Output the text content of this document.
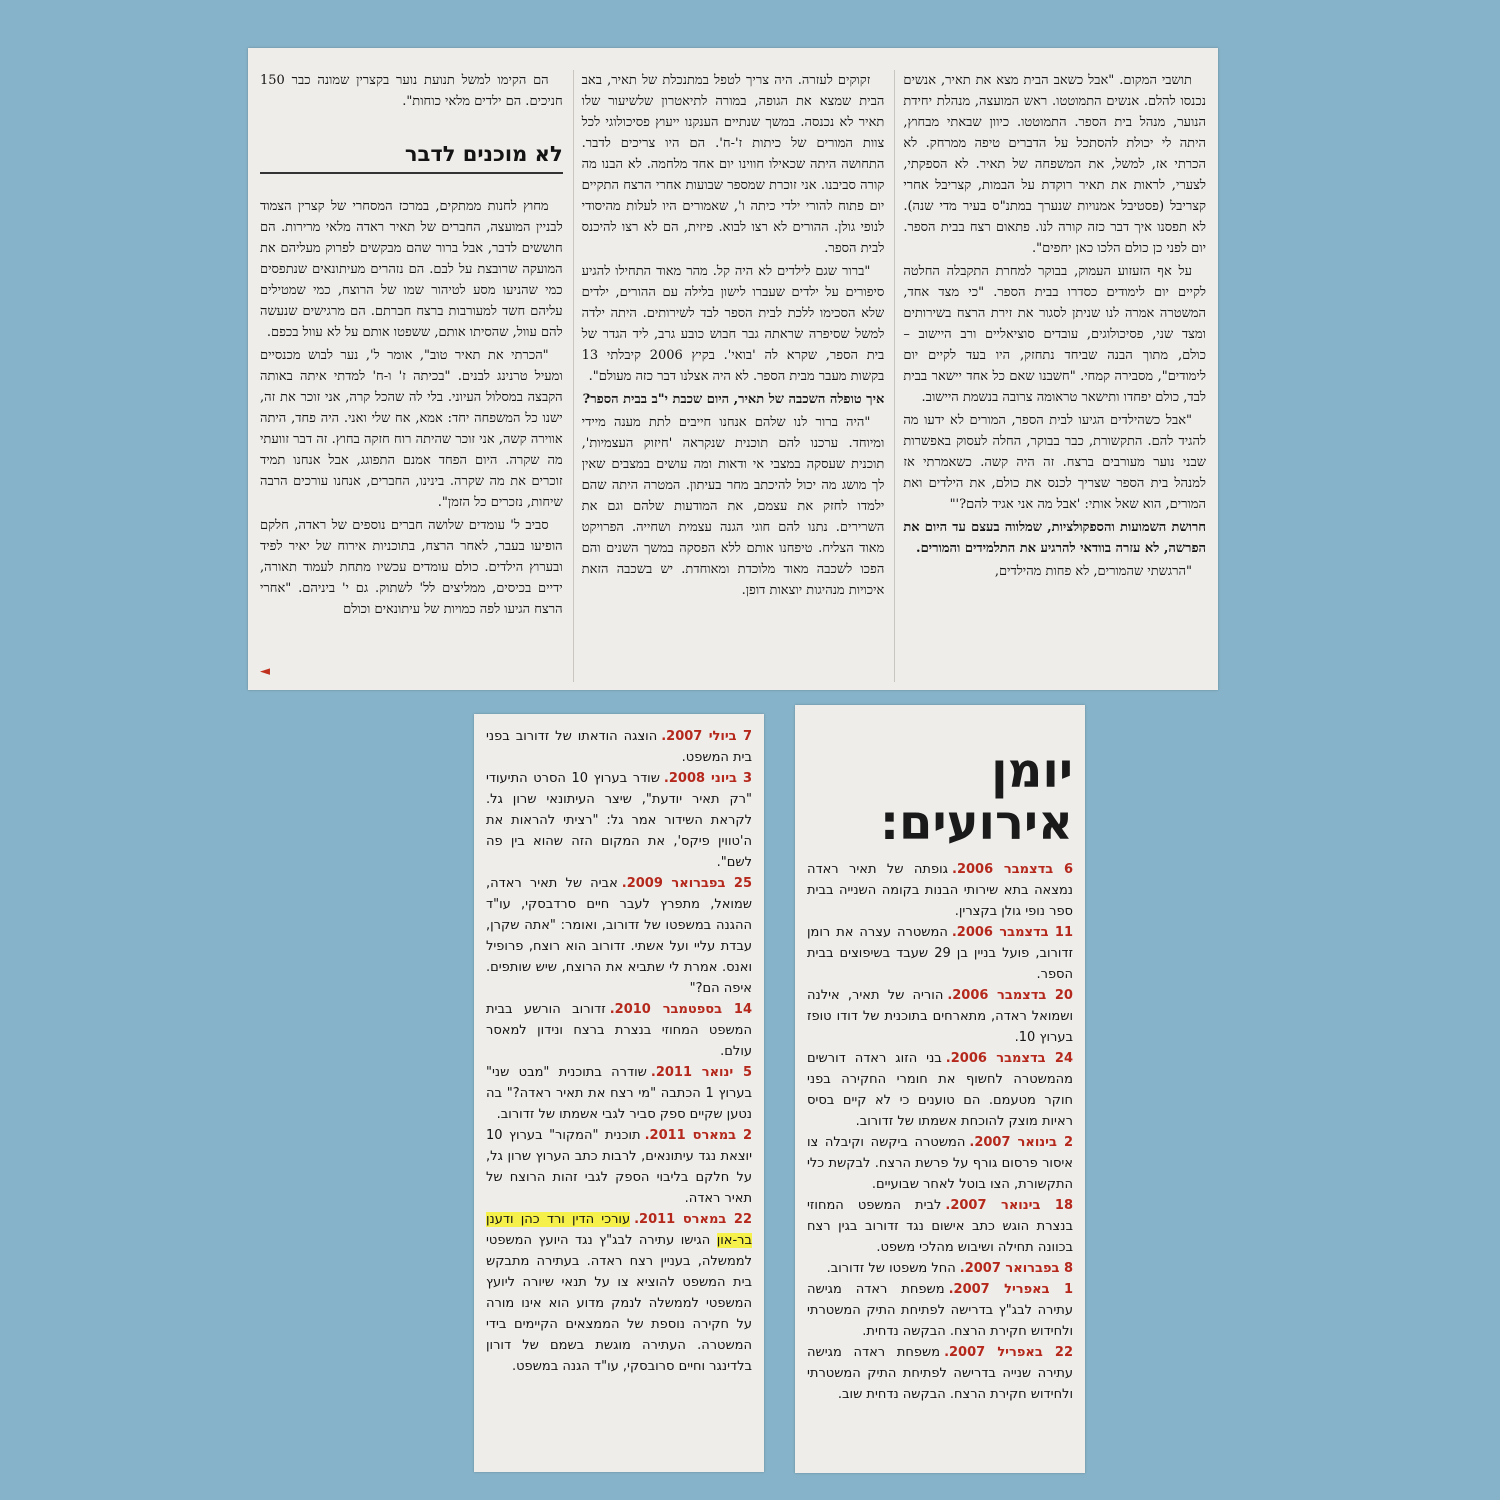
תושבי המקום. "אבל כשאב הבית מצא את תאיר, אנשים נכנסו להלם. אנשים התמוטטו. ראש המועצה, מנהלת יחידת הנוער, מנהל בית הספר. התמוטטו. כיוון שבאתי מבחוץ, היתה לי יכולת להסתכל על הדברים טיפה ממרחק. לא הכרתי אז, למשל, את המשפחה של תאיר. לא הספקתי, לצערי, לראות את תאיר רוקדת על הבמות, קצריבל אחרי קצריבל (פסטיבל אמנויות שנערך במתנ"ס בעיר מדי שנה). לא תפסנו איך דבר כזה קורה לנו. פתאום רצח בבית הספר. יום לפני כן כולם הלכו כאן יחפים".

על אף הזעזוע העמוק, בבוקר למחרת התקבלה החלטה לקיים יום לימודים כסדרו בבית הספר. "כי מצד אחד, המשטרה אמרה לנו שניתן לסגור את זירת הרצח בשירותים ומצד שני, פסיכולוגים, עובדים סוציאליים ורב היישוב – כולם, מתוך הבנה שביחד נתחזק, היו בעד לקיים יום לימודים", מסבירה קמחי. "חשבנו שאם כל אחד יישאר בבית לבד, כולם יפחדו ותישאר טראומה צרובה בנשמת היישוב.

"אבל כשהילדים הגיעו לבית הספר, המורים לא ידעו מה להגיד להם. התקשורת, כבר בבוקר, החלה לעסוק באפשרות שבני נוער מעורבים ברצח. זה היה קשה. כשאמרתי אז למנהל בית הספר שצריך לכנס את כולם, את הילדים ואת המורים, הוא שאל אותי: 'אבל מה אני אגיד להם?'"

חרושת השמועות והספקולציות, שמלווה בעצם עד היום את הפרשה, לא עזרה בוודאי להרגיע את התלמידים והמורים.

"הרגשתי שהמורים, לא פחות מהילדים,

זקוקים לעזרה. היה צריך לטפל במתנכלת של תאיר, באב הבית שמצא את הגופה, במורה לתיאטרון שלשיעור שלו תאיר לא נכנסה. במשך שנתיים הענקנו ייעוץ פסיכולוגי לכל צוות המורים של כיתות ז'-ח'. הם היו צריכים לדבר. התחושה היתה שכאילו חווינו יום אחד מלחמה. לא הבנו מה קורה סביבנו. אני זוכרת שמספר שבועות אחרי הרצח התקיים יום פתוח להורי ילדי כיתה ו', שאמורים היו לעלות מהיסודי לנופי גולן. ההורים לא רצו לבוא. פיזית, הם לא רצו להיכנס לבית הספר.

"ברור שגם לילדים לא היה קל. מהר מאוד התחילו להגיע סיפורים על ילדים שעברו לישון בלילה עם ההורים, ילדים שלא הסכימו ללכת לבית הספר לבד לשירותים. היתה ילדה למשל שסיפרה שראתה גבר חבוש כובע גרב, ליד הגדר של בית הספר, שקרא לה 'בואי'. בקיץ 2006 קיבלתי 13 בקשות מעבר מבית הספר. לא היה אצלנו דבר כזה מעולם".

איך טופלה השכבה של תאיר, היום שכבת י"ב בבית הספר?

"היה ברור לנו שלהם אנחנו חייבים לתת מענה מיידי ומיוחד. ערכנו להם תוכנית שנקראה 'חיזוק העצמיות', תוכנית שעסקה במצבי אי ודאות ומה עושים במצבים שאין לך מושג מה יכול להיכתב מחר בעיתון. המטרה היתה שהם ילמדו לחזק את עצמם, את המודעות שלהם וגם את השרירים. נתנו להם חוגי הגנה עצמית ושחייה. הפרויקט מאוד הצליח. טיפחנו אותם ללא הפסקה במשך השנים והם הפכו לשכבה מאוד מלוכדת ומאוחדת. יש בשכבה הזאת איכויות מנהיגות יוצאות דופן.

הם הקימו למשל תנועת נוער בקצרין שמונה כבר 150 חניכים. הם ילדים מלאי כוחות".

לא מוכנים לדבר

מחוץ לחנות ממתקים, במרכז המסחרי של קצרין הצמוד לבניין המועצה, החברים של תאיר ראדה מלאי מרירות. הם חוששים לדבר, אבל ברור שהם מבקשים לפרוק מעליהם את המועקה שרובצת על לבם. הם נזהרים מעיתונאים שנתפסים כמי שהניעו מסע לטיהור שמו של הרוצח, כמי שמטילים עליהם חשד למעורבות ברצח חברתם. הם מרגישים שנעשה להם עוול, שהסיתו אותם, ששפטו אותם על לא עוול בכפם.

"הכרתי את תאיר טוב", אומר ל', נער לבוש מכנסיים ומעיל טרנינג לבנים. "בכיתה ז' ו-ח' למדתי איתה באותה הקבצה במסלול העיוני. בלי לה שהכל קרה, אני זוכר את זה, ישנו כל המשפחה יחד: אמא, אח שלי ואני. היה פחד, היתה אווירה קשה, אני זוכר שהיתה רוח חזקה בחוץ. זה דבר זוועתי מה שקרה. היום הפחד אמנם התפוגג, אבל אנחנו תמיד זוכרים את מה שקרה. בינינו, החברים, אנחנו עורכים הרבה שיחות, נזכרים כל הזמן".

סביב ל' עומדים שלושה חברים נוספים של ראדה, חלקם הופיעו בעבר, לאחר הרצח, בתוכניות אירוח של יאיר לפיד ובערוץ הילדים. כולם עומדים עכשיו מתחת לעמוד תאורה, ידיים בכיסים, ממליצים לל' לשתוק. גם י' ביניהם. "אחרי הרצח הגיעו לפה כמויות של עיתונאים וכולם

◄
יומן
אירועים:
6 בדצמבר 2006.גופתה של תאיר ראדה נמצאה בתא שירותי הבנות בקומה השנייה בבית ספר נופי גולן בקצרין.
11 בדצמבר 2006.המשטרה עצרה את רומן זדורוב, פועל בניין בן 29 שעבד בשיפוצים בבית הספר.
20 בדצמבר 2006.הוריה של תאיר, אילנה ושמואל ראדה, מתארחים בתוכנית של דודו טופז בערוץ 10.
24 בדצמבר 2006.בני הזוג ראדה דורשים מהמשטרה לחשוף את חומרי החקירה בפני חוקר מטעמם. הם טוענים כי לא קיים בסיס ראיות מוצק להוכחת אשמתו של זדורוב.
2 בינואר 2007.המשטרה ביקשה וקיבלה צו איסור פרסום גורף על פרשת הרצח. לבקשת כלי התקשורת, הצו בוטל לאחר שבועיים.
18 בינואר 2007.לבית המשפט המחוזי בנצרת הוגש כתב אישום נגד זדורוב בגין רצח בכוונה תחילה ושיבוש מהלכי משפט.
8 בפברואר 2007.החל משפטו של זדורוב.
1 באפריל 2007.משפחת ראדה מגישה עתירה לבג"ץ בדרישה לפתיחת התיק המשטרתי ולחידוש חקירת הרצח. הבקשה נדחית.
22 באפריל 2007.משפחת ראדה מגישה עתירה שנייה בדרישה לפתיחת התיק המשטרתי ולחידוש חקירת הרצח. הבקשה נדחית שוב.
7 ביולי 2007.הוצגה הודאתו של זדורוב בפני בית המשפט.
3 ביוני 2008.שודר בערוץ 10 הסרט התיעודי "רק תאיר יודעת", שיצר העיתונאי שרון גל. לקראת השידור אמר גל: "רציתי להראות את ה'טווין פיקס', את המקום הזה שהוא בין פה לשם".
25 בפברואר 2009.אביה של תאיר ראדה, שמואל, מתפרץ לעבר חיים סרדבסקי, עו"ד ההגנה במשפטו של זדורוב, ואומר: "אתה שקרן, עבדת עליי ועל אשתי. זדורוב הוא רוצח, פרופיל ואנס. אמרת לי שתביא את הרוצח, שיש שותפים. איפה הם?"
14 בספטמבר 2010.זדורוב הורשע בבית המשפט המחוזי בנצרת ברצח ונידון למאסר עולם.
5 ינואר 2011.שודרה בתוכנית "מבט שני" בערוץ 1 הכתבה "מי רצח את תאיר ראדה?" בה נטען שקיים ספק סביר לגבי אשמתו של זדורוב.
2 במארס 2011.תוכנית "המקור" בערוץ 10 יוצאת נגד עיתונאים, לרבות כתב הערוץ שרון גל, על חלקם בליבוי הספק לגבי זהות הרוצח של תאיר ראדה.
22 במארס 2011.עורכי הדין ורד כהן ודענן בר-און הגישו עתירה לבג"ץ נגד היועץ המשפטי לממשלה, בעניין רצח ראדה. בעתירה מתבקש בית המשפט להוציא צו על תנאי שיורה ליועץ המשפטי לממשלה לנמק מדוע הוא אינו מורה על חקירה נוספת של הממצאים הקיימים בידי המשטרה. העתירה מוגשת בשמם של דורון בלדינגר וחיים סרובסקי, עו"ד הגנה במשפט.
